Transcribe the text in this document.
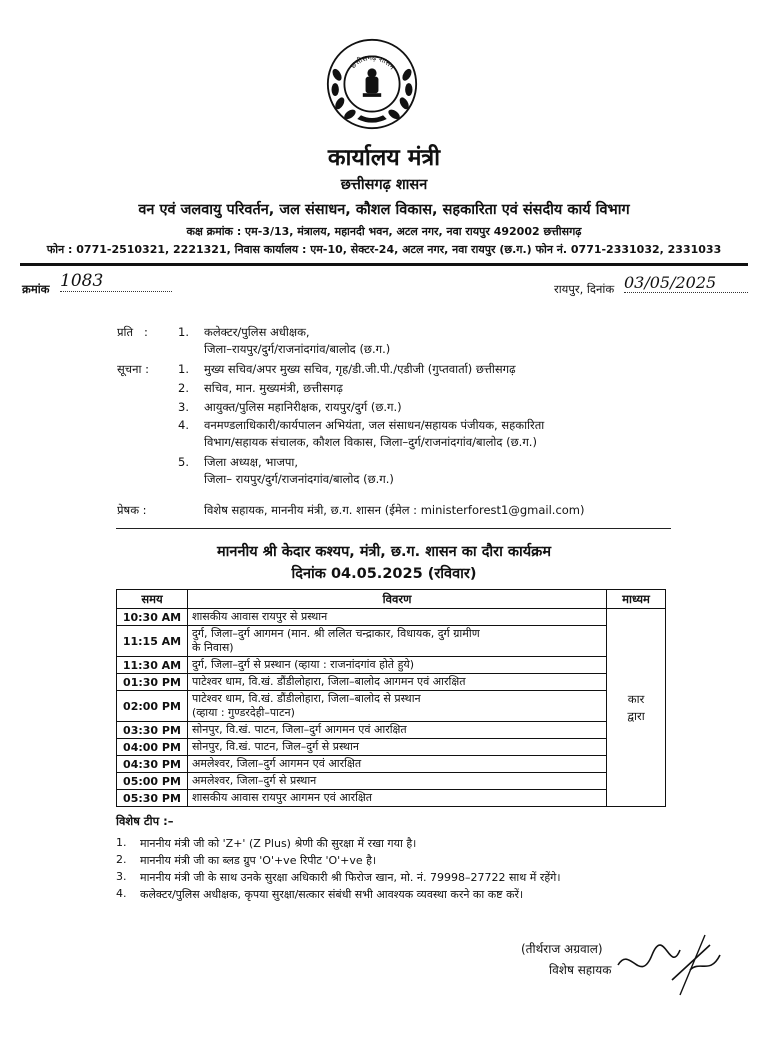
छत्तीसगढ़ शासन
कार्यालय मंत्री
छत्तीसगढ़ शासन
वन एवं जलवायु परिवर्तन, जल संसाधन, कौशल विकास, सहकारिता एवं संसदीय कार्य विभाग
कक्ष क्रमांक : एम-3/13, मंत्रालय, महानदी भवन, अटल नगर, नवा रायपुर 492002 छत्तीसगढ़
फोन : 0771-2510321, 2221321, निवास कार्यालय : एम-10, सेक्टर-24, अटल नगर, नवा रायपुर (छ.ग.) फोन नं. 0771-2331032, 2331033
क्रमांक 1083	रायपुर, दिनांक 03/05/2025
प्रति   :	1. कलेक्टर/पुलिस अधीक्षक,
जिला–रायपुर/दुर्ग/राजनांदगांव/बालोद (छ.ग.)
सूचना :	1. मुख्य सचिव/अपर मुख्य सचिव, गृह/डी.जी.पी./एडीजी (गुप्तवार्ता) छत्तीसगढ़
2. सचिव, मान. मुख्यमंत्री, छत्तीसगढ़
3. आयुक्त/पुलिस महानिरीक्षक, रायपुर/दुर्ग (छ.ग.)
4. वनमण्डलाधिकारी/कार्यपालन अभियंता, जल संसाधन/सहायक पंजीयक, सहकारिता
विभाग/सहायक संचालक, कौशल विकास, जिला–दुर्ग/राजनांदगांव/बालोद (छ.ग.)
5. जिला अध्यक्ष, भाजपा,
जिला– रायपुर/दुर्ग/राजनांदगांव/बालोद (छ.ग.)
प्रेषक :	विशेष सहायक, माननीय मंत्री, छ.ग. शासन (ईमेल : ministerforest1@gmail.com)
माननीय श्री केदार कश्यप, मंत्री, छ.ग. शासन का दौरा कार्यक्रम
दिनांक 04.05.2025 (रविवार)
समय	विवरण	माध्यम
10:30 AM	शासकीय आवास रायपुर से प्रस्थान	कार
द्वारा
11:15 AM	दुर्ग, जिला–दुर्ग आगमन (मान. श्री ललित चन्द्राकार, विधायक, दुर्ग ग्रामीण
के निवास)	
11:30 AM	दुर्ग, जिला–दुर्ग से प्रस्थान (व्हाया : राजनांदगांव होते हुये)	
01:30 PM	पाटेश्वर धाम, वि.खं. डौंडीलोहारा, जिला–बालोद आगमन एवं आरक्षित	
02:00 PM	पाटेश्वर धाम, वि.खं. डौंडीलोहारा, जिला–बालोद से प्रस्थान
(व्हाया : गुण्डरदेही–पाटन)	
03:30 PM	सोनपुर, वि.खं. पाटन, जिला–दुर्ग आगमन एवं आरक्षित	
04:00 PM	सोनपुर, वि.खं. पाटन, जिल–दुर्ग से प्रस्थान	
04:30 PM	अमलेश्वर, जिला–दुर्ग आगमन एवं आरक्षित	
05:00 PM	अमलेश्वर, जिला–दुर्ग से प्रस्थान	
05:30 PM	शासकीय आवास रायपुर आगमन एवं आरक्षित	
विशेष टीप :–
1. माननीय मंत्री जी को 'Z+' (Z Plus) श्रेणी की सुरक्षा में रखा गया है।
2. माननीय मंत्री जी का ब्लड ग्रुप 'O'+ve रिपीट 'O'+ve है।
3. माननीय मंत्री जी के साथ उनके सुरक्षा अधिकारी श्री फिरोज खान, मो. नं. 79998–27722 साथ में रहेंगे।
4. कलेक्टर/पुलिस अधीक्षक, कृपया सुरक्षा/सत्कार संबंधी सभी आवश्यक व्यवस्था करने का कष्ट करें।
(तीर्थराज अग्रवाल)
विशेष सहायक
